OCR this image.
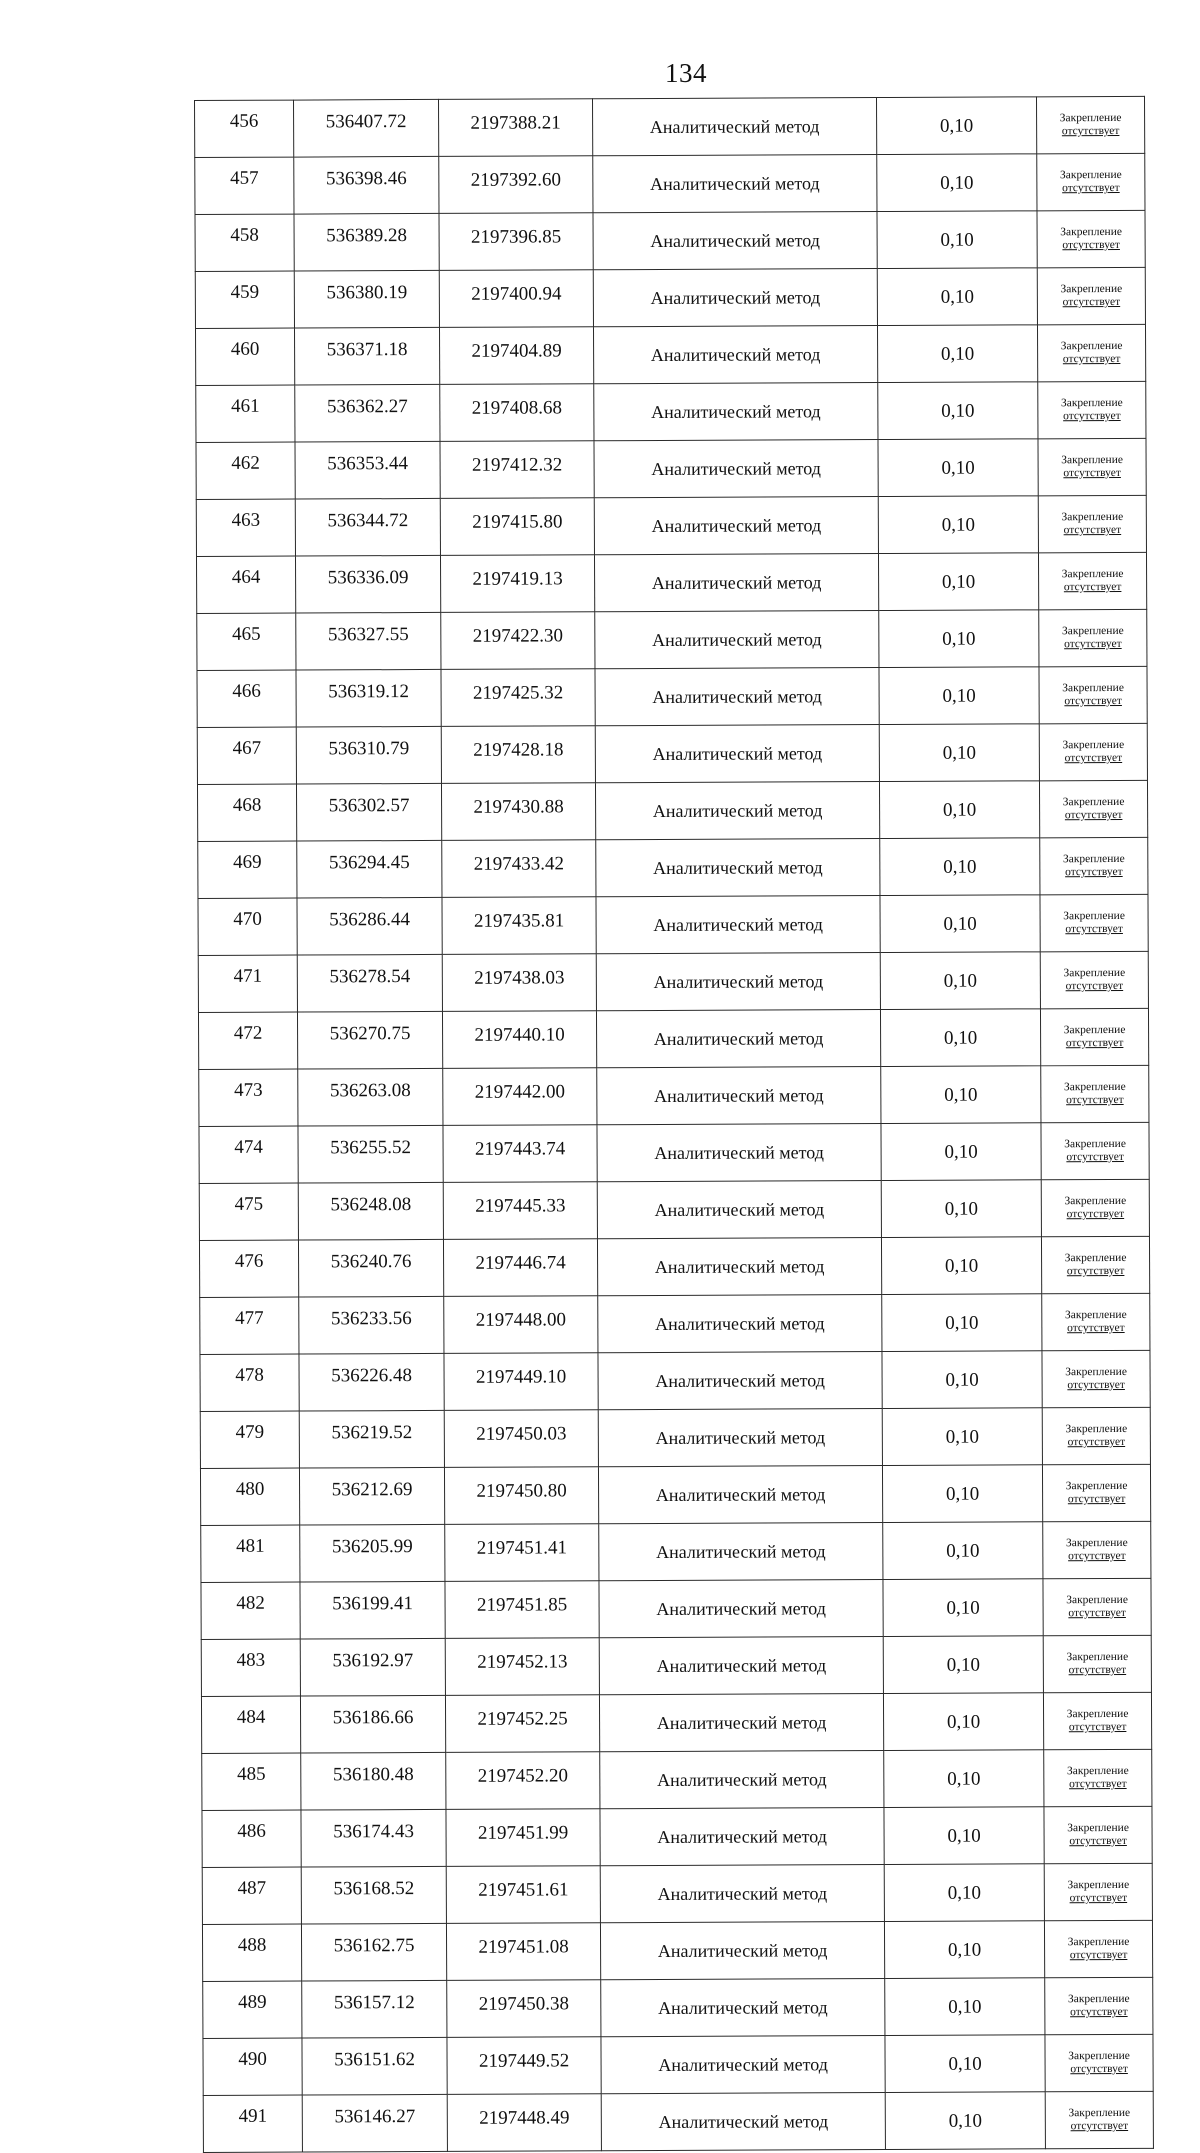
134
456	536407.72	2197388.21	Аналитический метод	0,10	Закрепление
отсутствует

457	536398.46	2197392.60	Аналитический метод	0,10	Закрепление
отсутствует

458	536389.28	2197396.85	Аналитический метод	0,10	Закрепление
отсутствует

459	536380.19	2197400.94	Аналитический метод	0,10	Закрепление
отсутствует

460	536371.18	2197404.89	Аналитический метод	0,10	Закрепление
отсутствует

461	536362.27	2197408.68	Аналитический метод	0,10	Закрепление
отсутствует

462	536353.44	2197412.32	Аналитический метод	0,10	Закрепление
отсутствует

463	536344.72	2197415.80	Аналитический метод	0,10	Закрепление
отсутствует

464	536336.09	2197419.13	Аналитический метод	0,10	Закрепление
отсутствует

465	536327.55	2197422.30	Аналитический метод	0,10	Закрепление
отсутствует

466	536319.12	2197425.32	Аналитический метод	0,10	Закрепление
отсутствует

467	536310.79	2197428.18	Аналитический метод	0,10	Закрепление
отсутствует

468	536302.57	2197430.88	Аналитический метод	0,10	Закрепление
отсутствует

469	536294.45	2197433.42	Аналитический метод	0,10	Закрепление
отсутствует

470	536286.44	2197435.81	Аналитический метод	0,10	Закрепление
отсутствует

471	536278.54	2197438.03	Аналитический метод	0,10	Закрепление
отсутствует

472	536270.75	2197440.10	Аналитический метод	0,10	Закрепление
отсутствует

473	536263.08	2197442.00	Аналитический метод	0,10	Закрепление
отсутствует

474	536255.52	2197443.74	Аналитический метод	0,10	Закрепление
отсутствует

475	536248.08	2197445.33	Аналитический метод	0,10	Закрепление
отсутствует

476	536240.76	2197446.74	Аналитический метод	0,10	Закрепление
отсутствует

477	536233.56	2197448.00	Аналитический метод	0,10	Закрепление
отсутствует

478	536226.48	2197449.10	Аналитический метод	0,10	Закрепление
отсутствует

479	536219.52	2197450.03	Аналитический метод	0,10	Закрепление
отсутствует

480	536212.69	2197450.80	Аналитический метод	0,10	Закрепление
отсутствует

481	536205.99	2197451.41	Аналитический метод	0,10	Закрепление
отсутствует

482	536199.41	2197451.85	Аналитический метод	0,10	Закрепление
отсутствует

483	536192.97	2197452.13	Аналитический метод	0,10	Закрепление
отсутствует

484	536186.66	2197452.25	Аналитический метод	0,10	Закрепление
отсутствует

485	536180.48	2197452.20	Аналитический метод	0,10	Закрепление
отсутствует

486	536174.43	2197451.99	Аналитический метод	0,10	Закрепление
отсутствует

487	536168.52	2197451.61	Аналитический метод	0,10	Закрепление
отсутствует

488	536162.75	2197451.08	Аналитический метод	0,10	Закрепление
отсутствует

489	536157.12	2197450.38	Аналитический метод	0,10	Закрепление
отсутствует

490	536151.62	2197449.52	Аналитический метод	0,10	Закрепление
отсутствует

491	536146.27	2197448.49	Аналитический метод	0,10	Закрепление
отсутствует
